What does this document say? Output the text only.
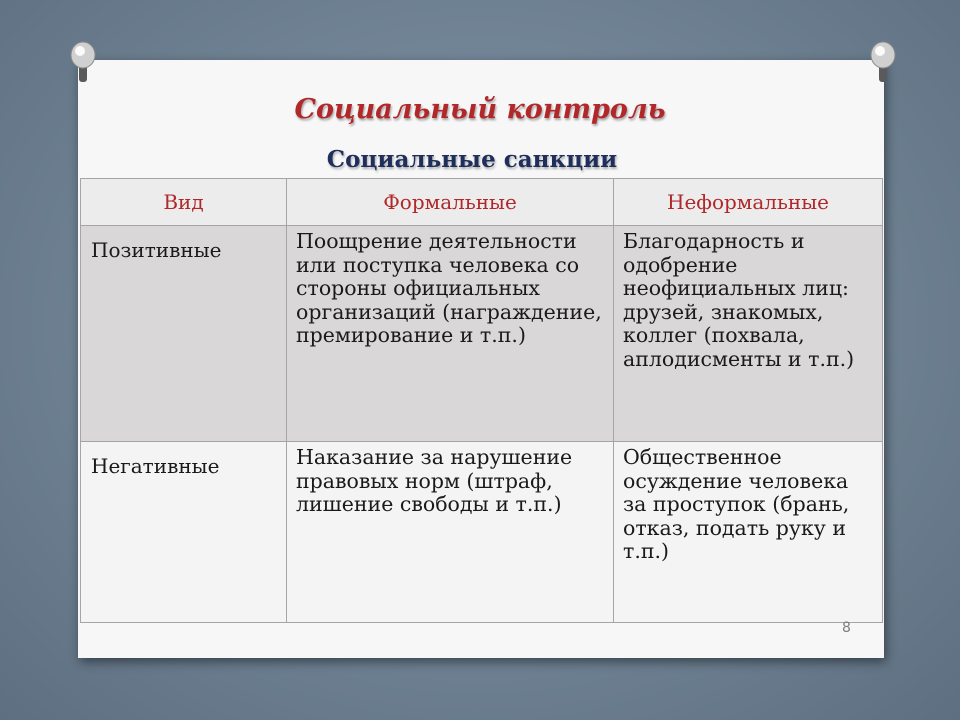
Социальный контроль
Социальные санкции
Вид	Формальные	Неформальные

Позитивные	Поощрение деятельности или поступка человека со стороны официальных организаций (награждение, премирование и т.п.)	Благодарность и одобрение неофициальных лиц: друзей, знакомых, коллег (похвала, аплодисменты и т.п.)

Негативные	Наказание за нарушение правовых норм (штраф, лишение свободы и т.п.)	Общественное осуждение человека за проступок (брань, отказ, подать руку и т.п.)
8
